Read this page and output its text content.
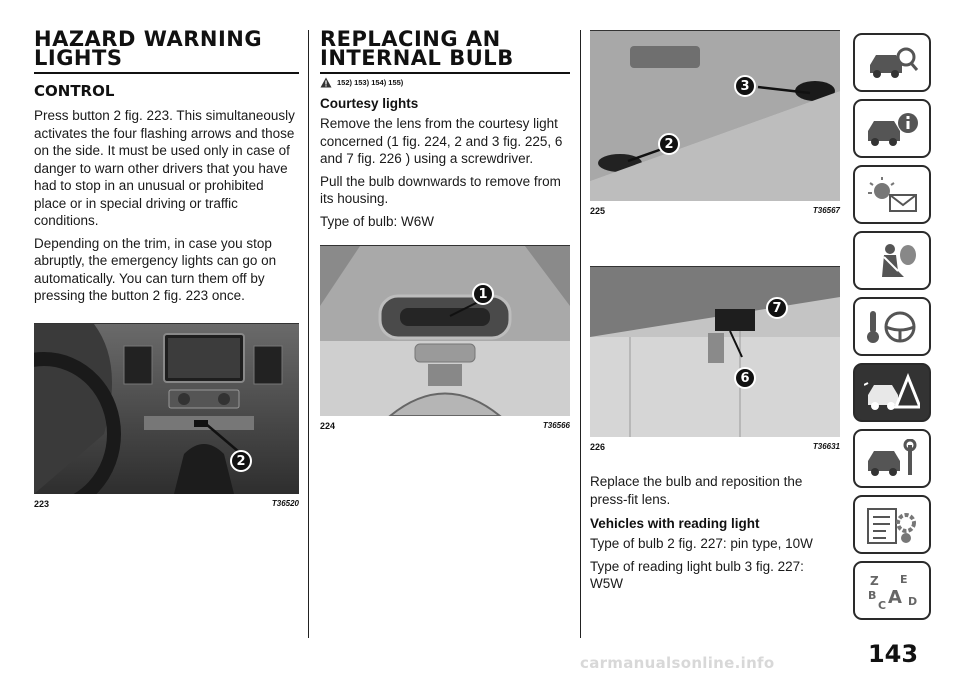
HAZARD WARNING LIGHTS
CONTROL

Press button 2 fig. 223. This simultaneously activates the four flashing arrows and those on the side. It must be used only in case of danger to warn other drivers that you have had to stop in an unusual or prohibited place or in special driving or traffic conditions.

Depending on the trim, in case you stop abruptly, the emergency lights can go on automatically. You can turn them off by pressing the button 2 fig. 223 once.

2
223	T36520
REPLACING AN INTERNAL BULB
152) 153) 154) 155)
Courtesy lights

Remove the lens from the courtesy light concerned (1 fig. 224, 2 and 3 fig. 225, 6 and 7 fig. 226 ) using a screwdriver.

Pull the bulb downwards to remove from its housing.

Type of bulb: W6W

1
224	T36566
3
2
225	T36567
7
6
226	T36631

Replace the bulb and reposition the press-fit lens.

Vehicles with reading light

Type of bulb 2 fig. 227: pin type, 10W

Type of reading light bulb 3 fig. 227: W5W	Z E
B A
C D
143
carmanualsonline.info
